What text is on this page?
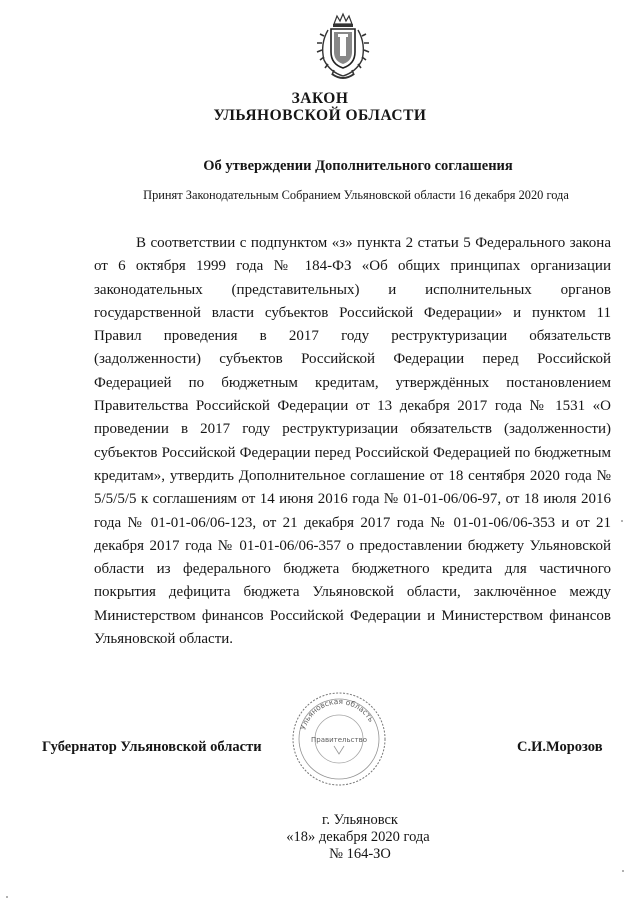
ЗАКОН
УЛЬЯНОВСКОЙ ОБЛАСТИ
Об утверждении Дополнительного соглашения
Принят Законодательным Собранием Ульяновской области 16 декабря 2020 года

В соответствии с подпунктом «з» пункта 2 статьи 5 Федерального закона от 6 октября 1999 года № 184-ФЗ «Об общих принципах организации законодательных (представительных) и исполнительных органов государственной власти субъектов Российской Федерации» и пунктом 11 Правил проведения в 2017 году реструктуризации обязательств (задолженности) субъектов Российской Федерации перед Российской Федерацией по бюджетным кредитам, утверждённых постановлением Правительства Российской Федерации от 13 декабря 2017 года № 1531 «О проведении в 2017 году реструктуризации обязательств (задолженности) субъектов Российской Федерации перед Российской Федерацией по бюджетным кредитам», утвердить Дополнительное соглашение от 18 сентября 2020 года № 5/5/5/5 к соглашениям от 14 июня 2016 года № 01-01-06/06-97, от 18 июля 2016 года № 01-01-06/06-123, от 21 декабря 2017 года № 01-01-06/06-353 и от 21 декабря 2017 года № 01-01-06/06-357 о предоставлении бюджету Ульяновской области из федерального бюджета бюджетного кредита для частичного покрытия дефицита бюджета Ульяновской области, заключённое между Министерством финансов Российской Федерации и Министерством финансов Ульяновской области.

Губернатор Ульяновской области
Ульяновская область
Правительство	С.И.Морозов
г. Ульяновск
«18» декабря 2020 года
№ 164-ЗО
